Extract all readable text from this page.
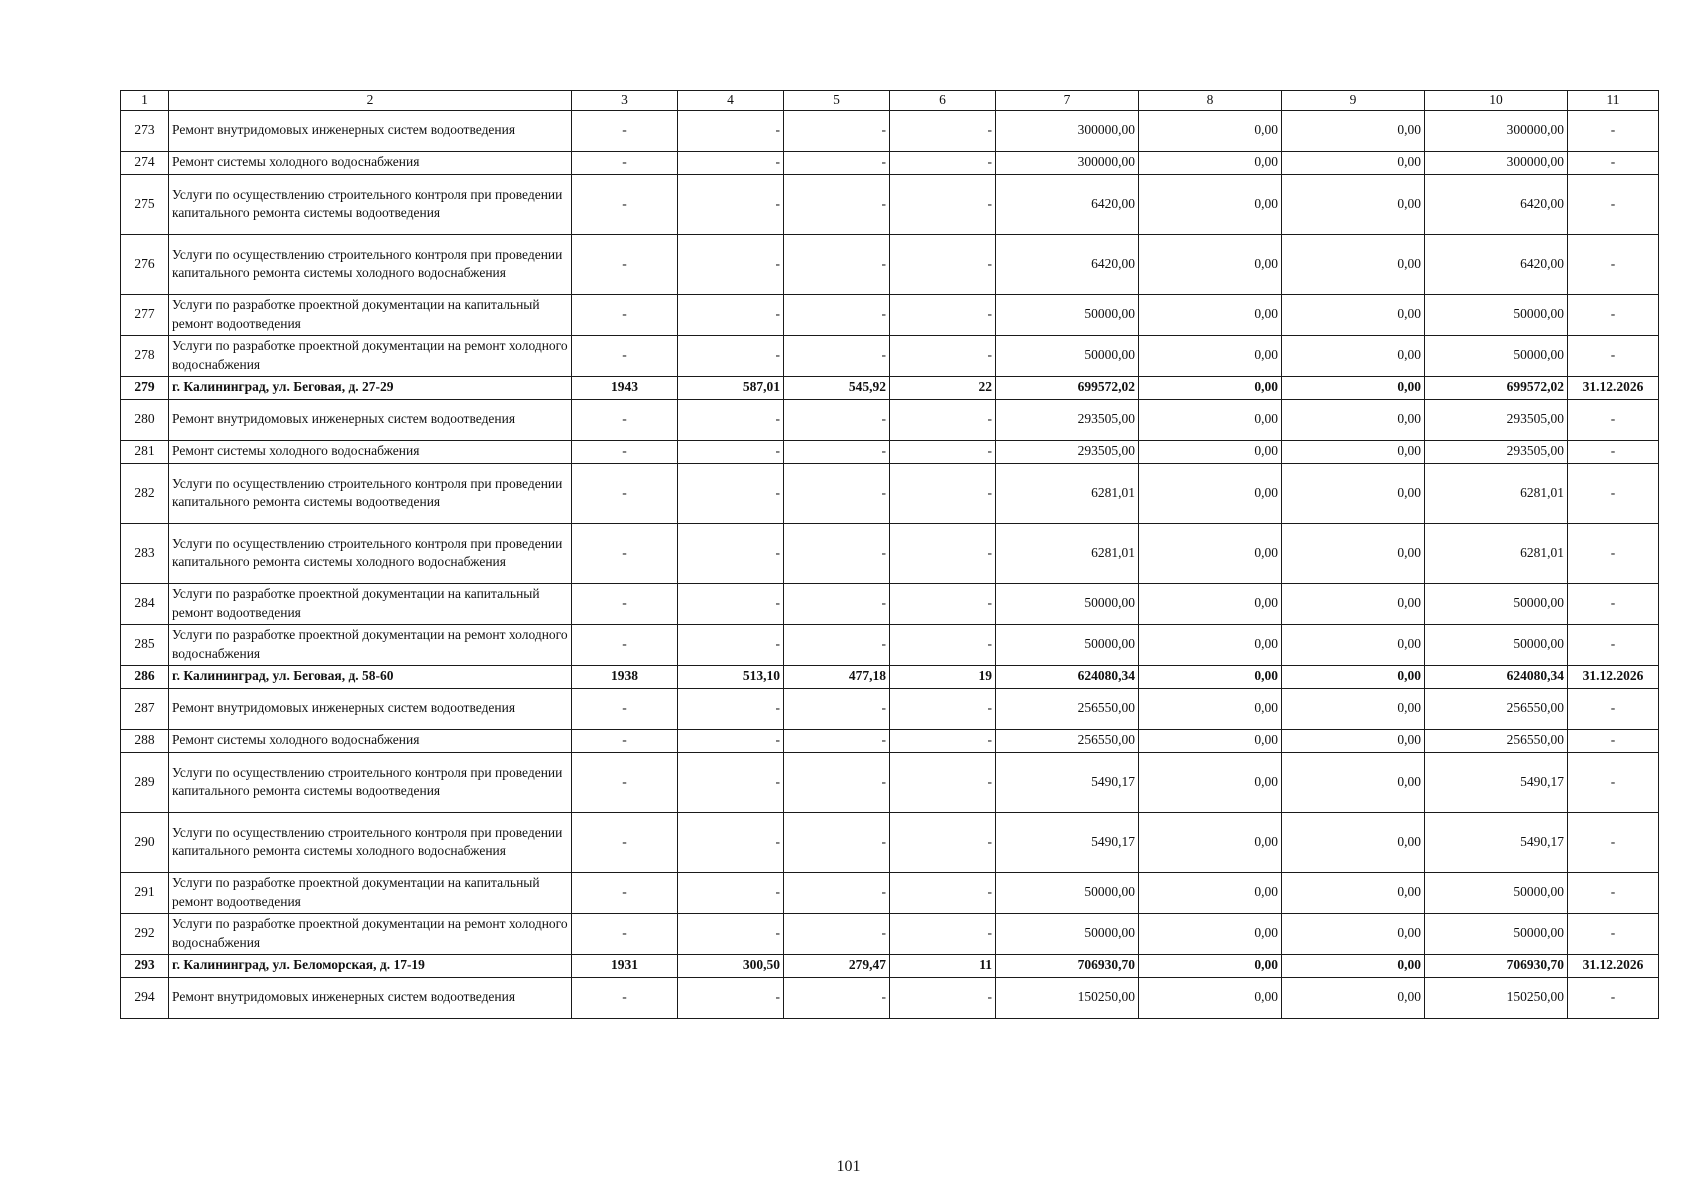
1	2	3	4	5	6	7	8	9	10	11
273	Ремонт внутридомовых инженерных систем водоотведения	-	-	-	-	300000,00	0,00	0,00	300000,00	-
274	Ремонт системы холодного водоснабжения	-	-	-	-	300000,00	0,00	0,00	300000,00	-
275	Услуги по осуществлению строительного контроля при проведении капитального ремонта системы водоотведения	-	-	-	-	6420,00	0,00	0,00	6420,00	-
276	Услуги по осуществлению строительного контроля при проведении капитального ремонта системы холодного водоснабжения	-	-	-	-	6420,00	0,00	0,00	6420,00	-
277	Услуги по разработке проектной документации на капитальный ремонт водоотведения	-	-	-	-	50000,00	0,00	0,00	50000,00	-
278	Услуги по разработке проектной документации на ремонт холодного водоснабжения	-	-	-	-	50000,00	0,00	0,00	50000,00	-
279	г. Калининград, ул. Беговая, д. 27-29	1943	587,01	545,92	22	699572,02	0,00	0,00	699572,02	31.12.2026
280	Ремонт внутридомовых инженерных систем водоотведения	-	-	-	-	293505,00	0,00	0,00	293505,00	-
281	Ремонт системы холодного водоснабжения	-	-	-	-	293505,00	0,00	0,00	293505,00	-
282	Услуги по осуществлению строительного контроля при проведении капитального ремонта системы водоотведения	-	-	-	-	6281,01	0,00	0,00	6281,01	-
283	Услуги по осуществлению строительного контроля при проведении капитального ремонта системы холодного водоснабжения	-	-	-	-	6281,01	0,00	0,00	6281,01	-
284	Услуги по разработке проектной документации на капитальный ремонт водоотведения	-	-	-	-	50000,00	0,00	0,00	50000,00	-
285	Услуги по разработке проектной документации на ремонт холодного водоснабжения	-	-	-	-	50000,00	0,00	0,00	50000,00	-
286	г. Калининград, ул. Беговая, д. 58-60	1938	513,10	477,18	19	624080,34	0,00	0,00	624080,34	31.12.2026
287	Ремонт внутридомовых инженерных систем водоотведения	-	-	-	-	256550,00	0,00	0,00	256550,00	-
288	Ремонт системы холодного водоснабжения	-	-	-	-	256550,00	0,00	0,00	256550,00	-
289	Услуги по осуществлению строительного контроля при проведении капитального ремонта системы водоотведения	-	-	-	-	5490,17	0,00	0,00	5490,17	-
290	Услуги по осуществлению строительного контроля при проведении капитального ремонта системы холодного водоснабжения	-	-	-	-	5490,17	0,00	0,00	5490,17	-
291	Услуги по разработке проектной документации на капитальный ремонт водоотведения	-	-	-	-	50000,00	0,00	0,00	50000,00	-
292	Услуги по разработке проектной документации на ремонт холодного водоснабжения	-	-	-	-	50000,00	0,00	0,00	50000,00	-
293	г. Калининград, ул. Беломорская, д. 17-19	1931	300,50	279,47	11	706930,70	0,00	0,00	706930,70	31.12.2026
294	Ремонт внутридомовых инженерных систем водоотведения	-	-	-	-	150250,00	0,00	0,00	150250,00	-
101
